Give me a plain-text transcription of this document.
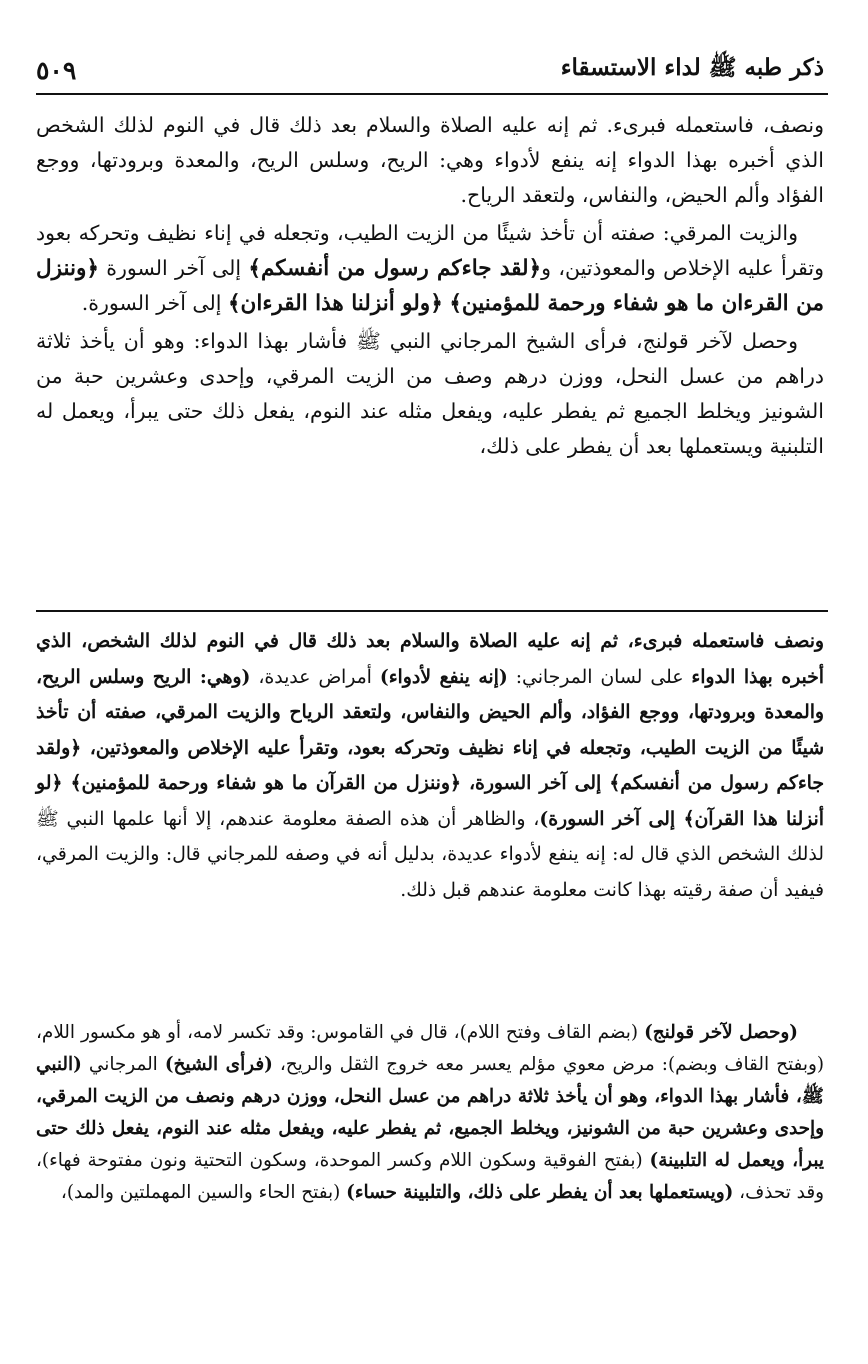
ذكر طبه ﷺ لداء الاستسقاء
٥٠٩

ونصف، فاستعمله فبرىء. ثم إنه عليه الصلاة والسلام بعد ذلك قال في النوم لذلك الشخص الذي أخبره بهذا الدواء إنه ينفع لأدواء وهي: الريح، وسلس الريح، والمعدة وبرودتها، ووجع الفؤاد وألم الحيض، والنفاس، ولتعقد الرياح.

والزيت المرقي: صفته أن تأخذ شيئًا من الزيت الطيب، وتجعله في إناء نظيف وتحركه بعود وتقرأ عليه الإخلاص والمعوذتين، و﴿لقد جاءكم رسول من أنفسكم﴾ إلى آخر السورة ﴿وننزل من القرءان ما هو شفاء ورحمة للمؤمنين﴾ ﴿ولو أنزلنا هذا القرءان﴾ إلى آخر السورة.

وحصل لآخر قولنج، فرأى الشيخ المرجاني النبي ﷺ فأشار بهذا الدواء: وهو أن يأخذ ثلاثة دراهم من عسل النحل، ووزن درهم وصف من الزيت المرقي، وإحدى وعشرين حبة من الشونيز ويخلط الجميع ثم يفطر عليه، ويفعل مثله عند النوم، يفعل ذلك حتى يبرأ، ويعمل له التلبنية ويستعملها بعد أن يفطر على ذلك،

ونصف فاستعمله فبرىء، ثم إنه عليه الصلاة والسلام بعد ذلك قال في النوم لذلك الشخص، الذي أخبره بهذا الدواء على لسان المرجاني: (إنه ينفع لأدواء) أمراض عديدة، (وهي: الريح وسلس الريح، والمعدة وبرودتها، ووجع الفؤاد، وألم الحيض والنفاس، ولتعقد الرياح والزيت المرقي، صفته أن تأخذ شيئًا من الزيت الطيب، وتجعله في إناء نظيف وتحركه بعود، وتقرأ عليه الإخلاص والمعوذتين، ﴿ولقد جاءكم رسول من أنفسكم﴾ إلى آخر السورة، ﴿وننزل من القرآن ما هو شفاء ورحمة للمؤمنين﴾ ﴿لو أنزلنا هذا القرآن﴾ إلى آخر السورة)، والظاهر أن هذه الصفة معلومة عندهم، إلا أنها علمها النبي ﷺ لذلك الشخص الذي قال له: إنه ينفع لأدواء عديدة، بدليل أنه في وصفه للمرجاني قال: والزيت المرقي، فيفيد أن صفة رقيته بهذا كانت معلومة عندهم قبل ذلك.

(وحصل لآخر قولنج) (بضم القاف وفتح اللام)، قال في القاموس: وقد تكسر لامه، أو هو مكسور اللام، (وبفتح القاف وبضم): مرض معوي مؤلم يعسر معه خروج الثقل والريح، (فرأى الشيخ) المرجاني (النبي ﷺ، فأشار بهذا الدواء، وهو أن يأخذ ثلاثة دراهم من عسل النحل، ووزن درهم ونصف من الزيت المرقي، وإحدى وعشرين حبة من الشونيز، ويخلط الجميع، ثم يفطر عليه، ويفعل مثله عند النوم، يفعل ذلك حتى يبرأ، ويعمل له التلبينة) (بفتح الفوقية وسكون اللام وكسر الموحدة، وسكون التحتية ونون مفتوحة فهاء)، وقد تحذف، (ويستعملها بعد أن يفطر على ذلك، والتلبينة حساء) (بفتح الحاء والسين المهملتين والمد)،
